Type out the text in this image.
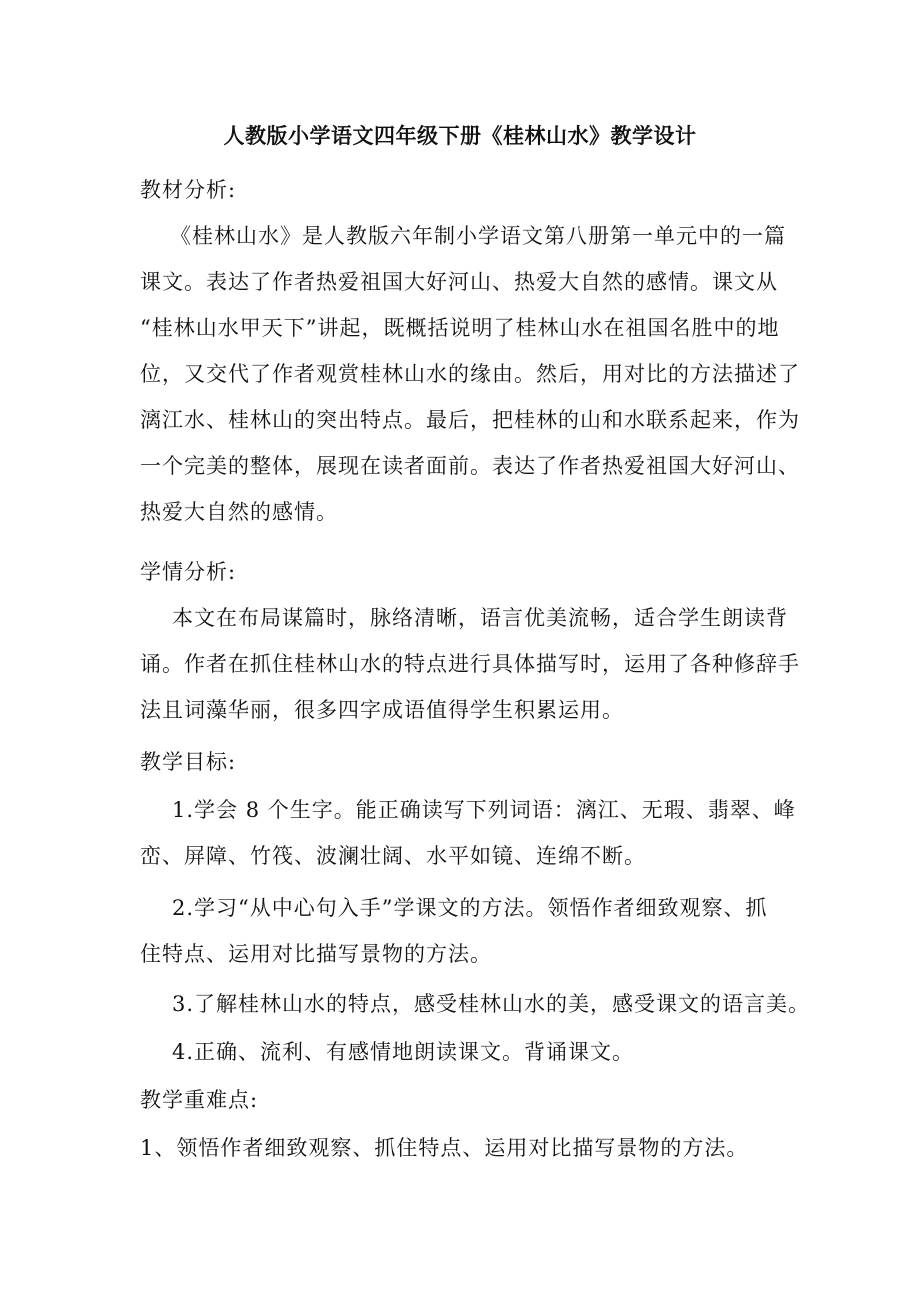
人教版小学语文四年级下册《桂林山水》教学设计
教材分析:
《桂林山水》是人教版六年制小学语文第八册第一单元中的一篇
课文。表达了作者热爱祖国大好河山、热爱大自然的感情。课文从
“桂林山水甲天下”讲起，既概括说明了桂林山水在祖国名胜中的地
位，又交代了作者观赏桂林山水的缘由。然后，用对比的方法描述了
漓江水、桂林山的突出特点。最后，把桂林的山和水联系起来，作为
一个完美的整体，展现在读者面前。表达了作者热爱祖国大好河山、
热爱大自然的感情。
学情分析:
本文在布局谋篇时，脉络清晰，语言优美流畅，适合学生朗读背
诵。作者在抓住桂林山水的特点进行具体描写时，运用了各种修辞手
法且词藻华丽，很多四字成语值得学生积累运用。
教学目标:
1.学会 8 个生字。能正确读写下列词语：漓江、无瑕、翡翠、峰
峦、屏障、竹筏、波澜壮阔、水平如镜、连绵不断。
2.学习“从中心句入手”学课文的方法。领悟作者细致观察、抓
住特点、运用对比描写景物的方法。
3.了解桂林山水的特点，感受桂林山水的美，感受课文的语言美。
4.正确、流利、有感情地朗读课文。背诵课文。
教学重难点:
1、领悟作者细致观察、抓住特点、运用对比描写景物的方法。
